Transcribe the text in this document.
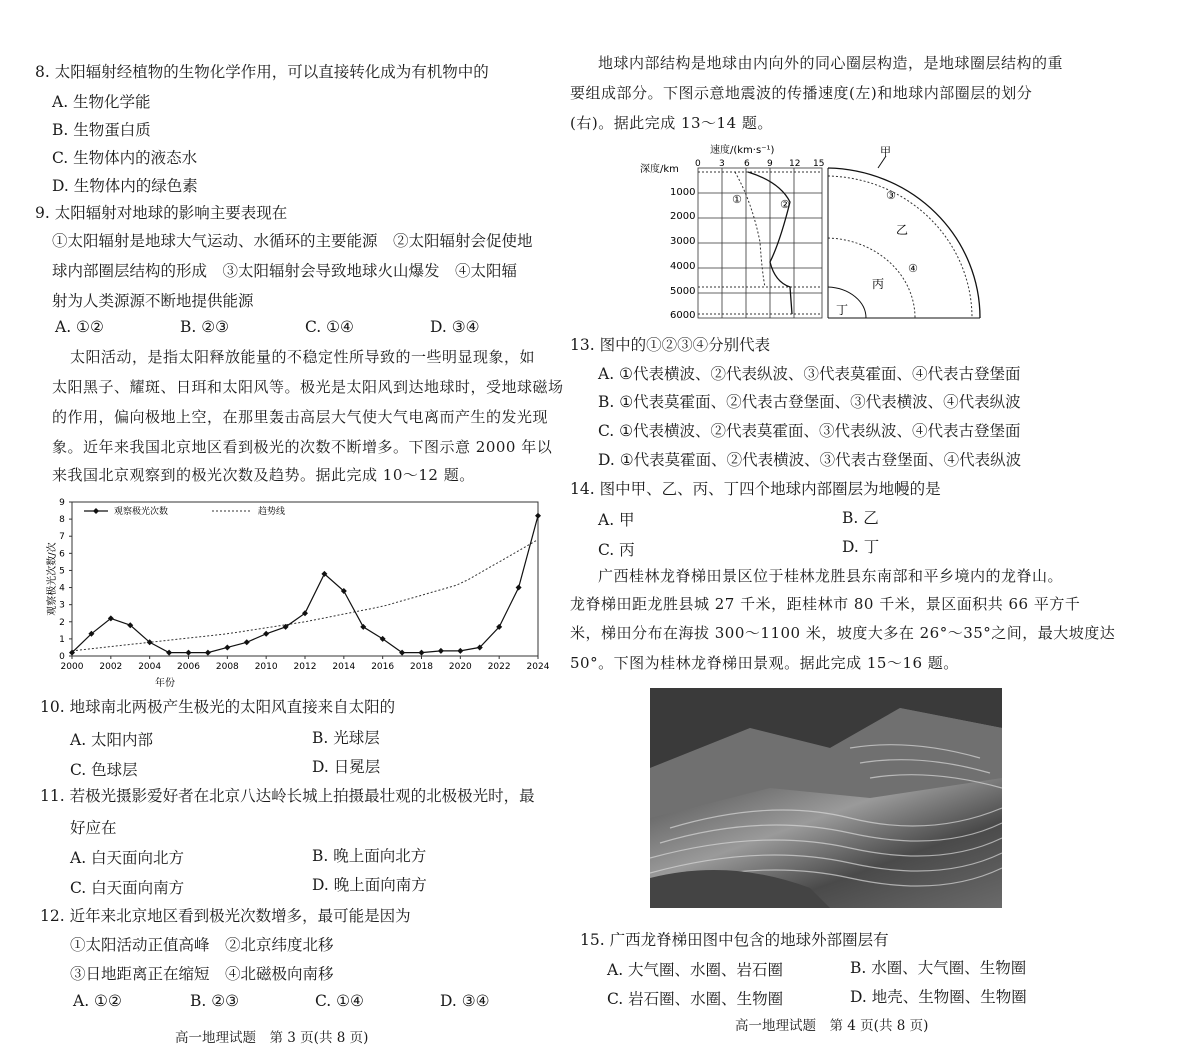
8. 太阳辐射经植物的生物化学作用，可以直接转化成为有机物中的
A. 生物化学能
B. 生物蛋白质
C. 生物体内的液态水
D. 生物体内的绿色素
9. 太阳辐射对地球的影响主要表现在
①太阳辐射是地球大气运动、水循环的主要能源　②太阳辐射会促使地
球内部圈层结构的形成　③太阳辐射会导致地球火山爆发　④太阳辐
射为人类源源不断地提供能源
A. ①②	B. ②③	C. ①④	D. ③④
太阳活动，是指太阳释放能量的不稳定性所导致的一些明显现象，如
太阳黑子、耀斑、日珥和太阳风等。极光是太阳风到达地球时，受地球磁场
的作用，偏向极地上空，在那里轰击高层大气使大气电离而产生的发光现
象。近年来我国北京地区看到极光的次数不断增多。下图示意 2000 年以
来我国北京观察到的极光次数及趋势。据此完成 10～12 题。
0
1
2
3
4
5
6
7
8
9
2000 2002 2004 2006 2008 2010 2012 2014 2016 2018 2020 2022 2024
年份
观察极光次数/次
观察极光次数	趋势线
10. 地球南北两极产生极光的太阳风直接来自太阳的
A. 太阳内部	B. 光球层
C. 色球层	D. 日冕层
11. 若极光摄影爱好者在北京八达岭长城上拍摄最壮观的北极极光时，最
好应在
A. 白天面向北方	B. 晚上面向北方
C. 白天面向南方	D. 晚上面向南方
12. 近年来北京地区看到极光次数增多，最可能是因为
①太阳活动正值高峰　②北京纬度北移
③日地距离正在缩短　④北磁极向南移
A. ①②	B. ②③	C. ①④	D. ③④
高一地理试题　第 3 页(共 8 页)
地球内部结构是地球由内向外的同心圈层构造，是地球圈层结构的重
要组成部分。下图示意地震波的传播速度(左)和地球内部圈层的划分
(右)。据此完成 13～14 题。
速度/(km·s⁻¹)
0 3 6 9 12 15
深度/km
1000
2000
3000
4000
5000
6000
①	②
甲
③
乙
④
丙
丁
13. 图中的①②③④分别代表
A. ①代表横波、②代表纵波、③代表莫霍面、④代表古登堡面
B. ①代表莫霍面、②代表古登堡面、③代表横波、④代表纵波
C. ①代表横波、②代表莫霍面、③代表纵波、④代表古登堡面
D. ①代表莫霍面、②代表横波、③代表古登堡面、④代表纵波
14. 图中甲、乙、丙、丁四个地球内部圈层为地幔的是
A. 甲	B. 乙
C. 丙	D. 丁
广西桂林龙脊梯田景区位于桂林龙胜县东南部和平乡境内的龙脊山。
龙脊梯田距龙胜县城 27 千米，距桂林市 80 千米，景区面积共 66 平方千
米，梯田分布在海拔 300～1100 米，坡度大多在 26°～35°之间，最大坡度达
50°。下图为桂林龙脊梯田景观。据此完成 15～16 题。
15. 广西龙脊梯田图中包含的地球外部圈层有
A. 大气圈、水圈、岩石圈	B. 水圈、大气圈、生物圈
C. 岩石圈、水圈、生物圈	D. 地壳、生物圈、生物圈
高一地理试题　第 4 页(共 8 页)
